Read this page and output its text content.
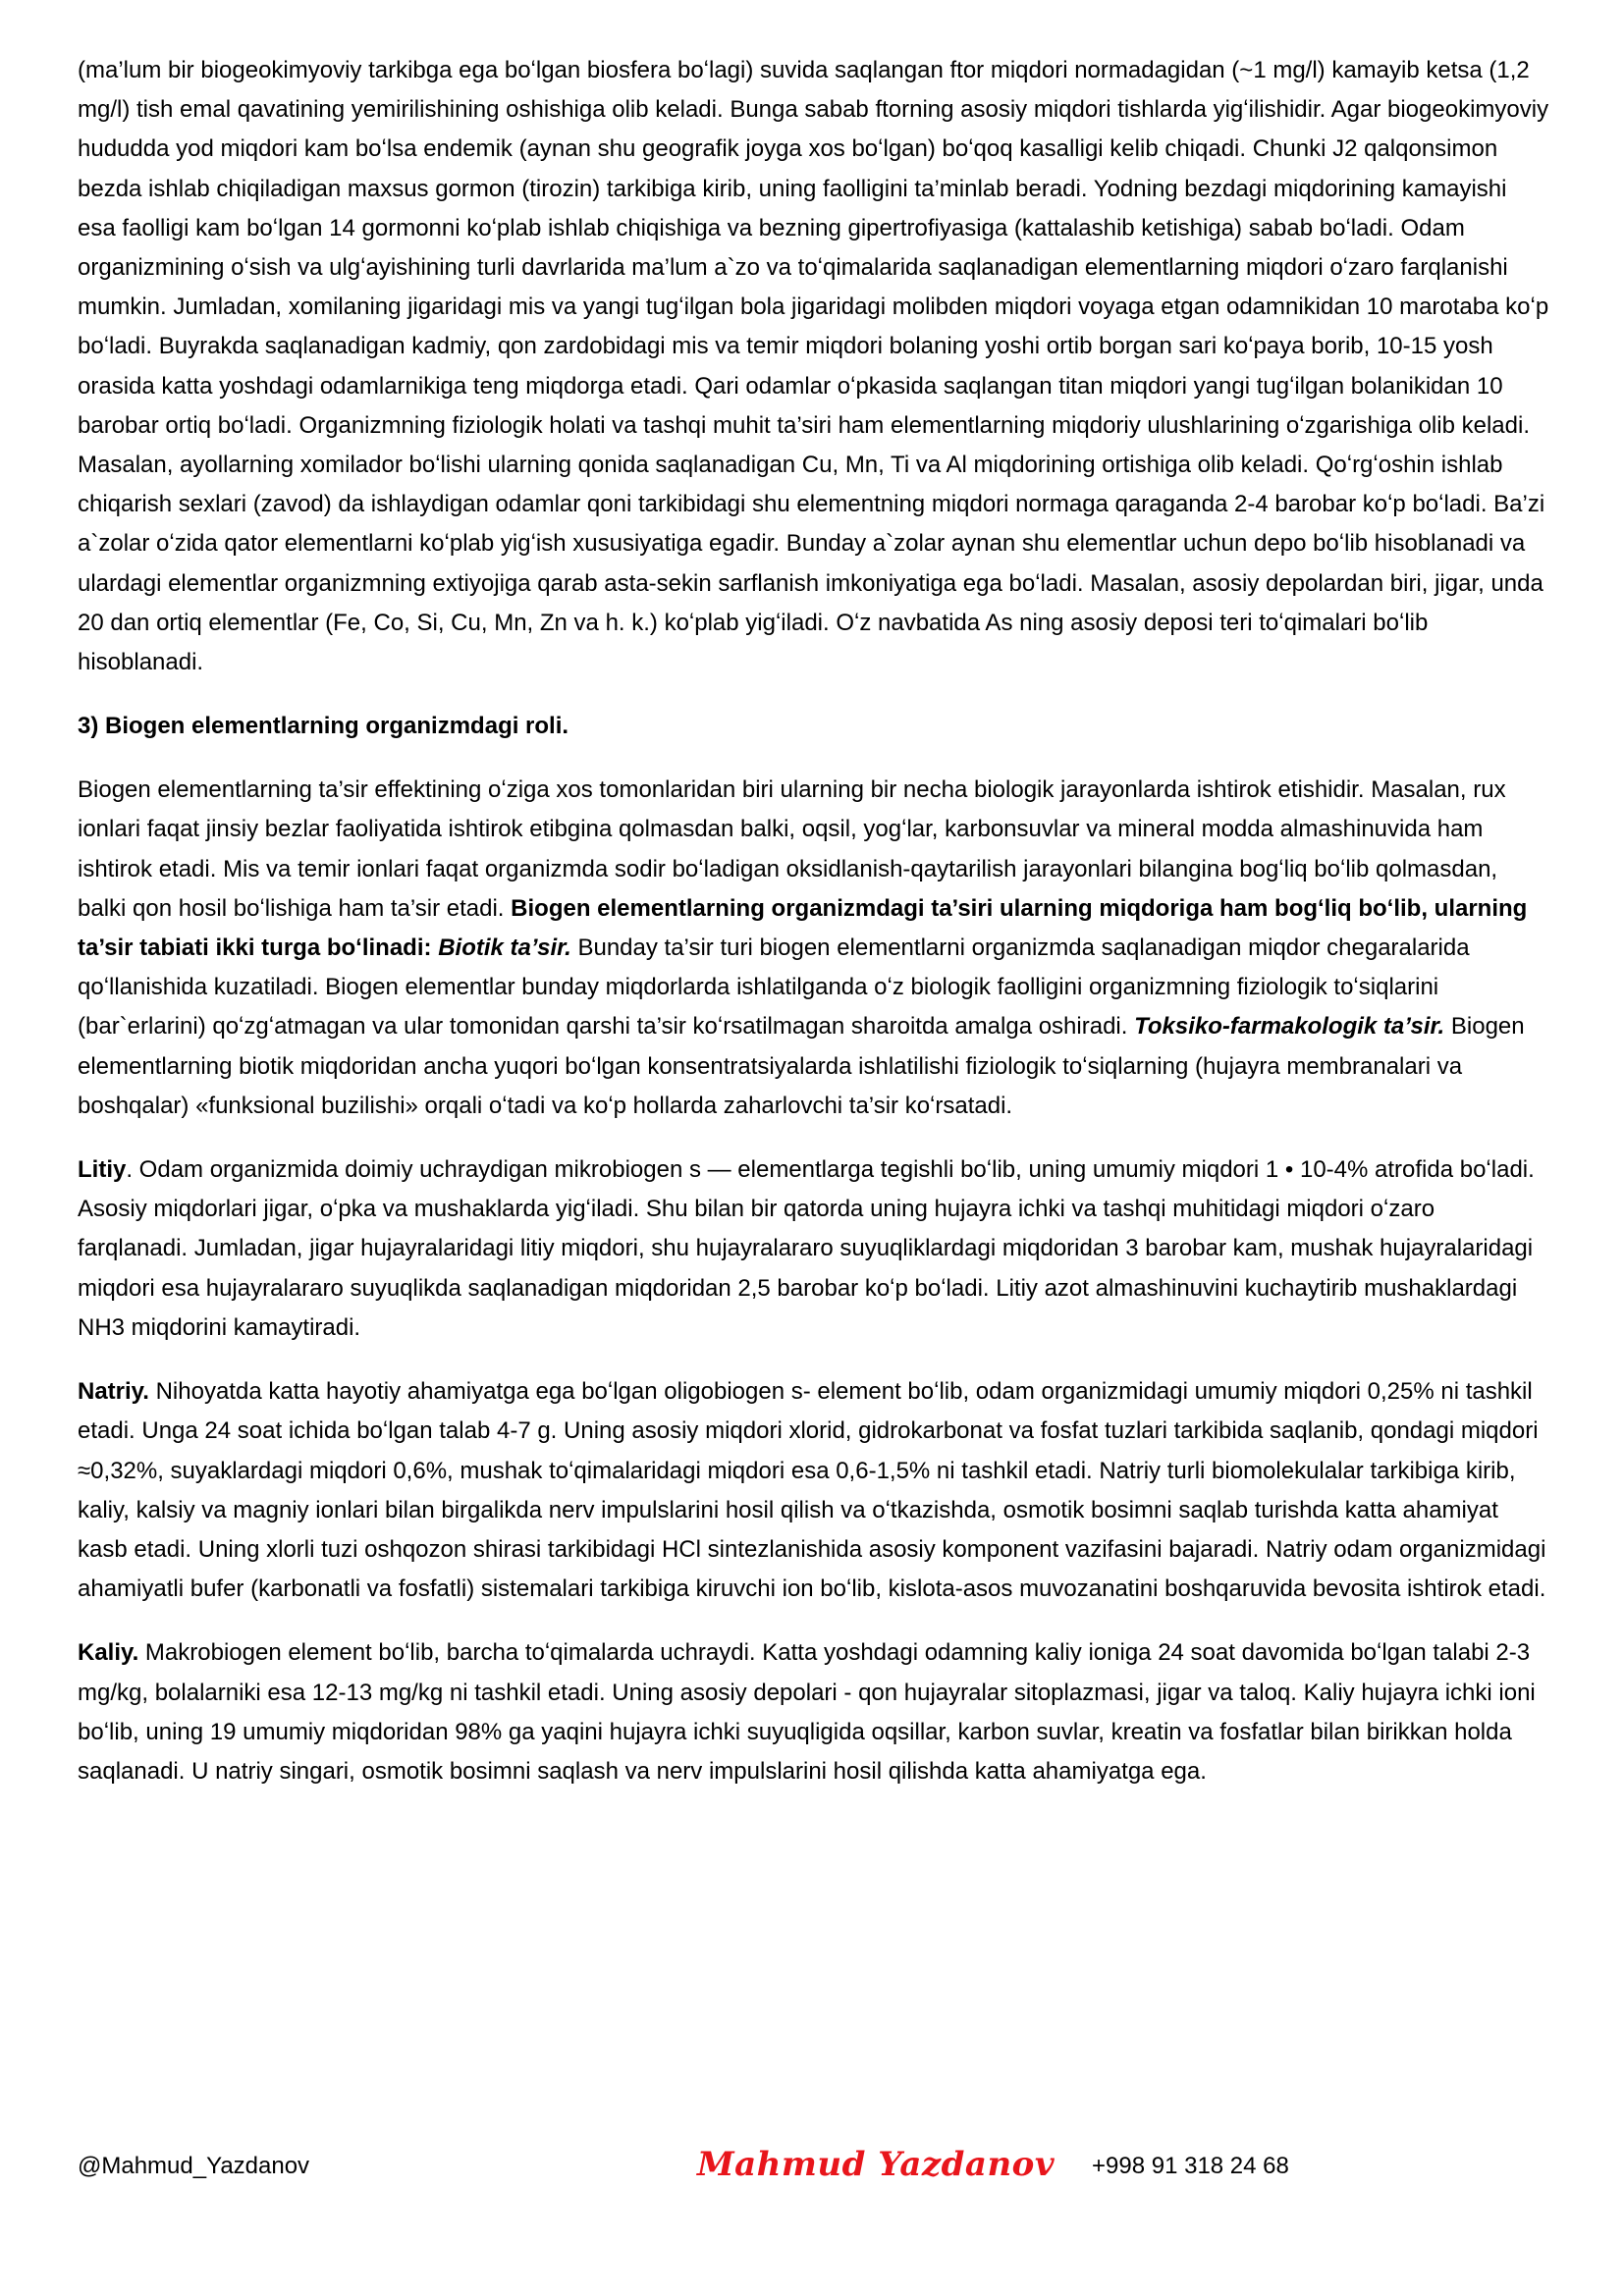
(ma’lum bir biogeokimyoviy tarkibga ega boʻlgan biosfera boʻlagi) suvida saqlangan ftor miqdori normadagidan (~1 mg/l) kamayib ketsa (1,2 mg/l) tish emal qavatining yemirilishining oshishiga olib keladi. Bunga sabab ftorning asosiy miqdori tishlarda yigʻilishidir. Agar biogeokimyoviy hududda yod miqdori kam boʻlsa endemik (aynan shu geografik joyga xos boʻlgan) boʻqoq kasalligi kelib chiqadi. Chunki J2 qalqonsimon bezda ishlab chiqiladigan maxsus gormon (tirozin) tarkibiga kirib, uning faolligini ta’minlab beradi. Yodning bezdagi miqdorining kamayishi esa faolligi kam boʻlgan 14 gormonni koʻplab ishlab chiqishiga va bezning gipertrofiyasiga (kattalashib ketishiga) sabab boʻladi. Odam organizmining oʻsish va ulgʻayishining turli davrlarida ma’lum a`zo va toʻqimalarida saqlanadigan elementlarning miqdori oʻzaro farqlanishi mumkin. Jumladan, xomilaning jigaridagi mis va yangi tugʻilgan bola jigaridagi molibden miqdori voyaga etgan odamnikidan 10 marotaba koʻp boʻladi. Buyrakda saqlanadigan kadmiy, qon zardobidagi mis va temir miqdori bolaning yoshi ortib borgan sari koʻpaya borib, 10-15 yosh orasida katta yoshdagi odamlarnikiga teng miqdorga etadi. Qari odamlar oʻpkasida saqlangan titan miqdori yangi tugʻilgan bolanikidan 10 barobar ortiq boʻladi. Organizmning fiziologik holati va tashqi muhit ta’siri ham elementlarning miqdoriy ulushlarining oʻzgarishiga olib keladi. Masalan, ayollarning xomilador boʻlishi ularning qonida saqlanadigan Cu, Mn, Ti va Al miqdorining ortishiga olib keladi. Qoʻrgʻoshin ishlab chiqarish sexlari (zavod) da ishlaydigan odamlar qoni tarkibidagi shu elementning miqdori normaga qaraganda 2-4 barobar koʻp boʻladi. Ba’zi a`zolar oʻzida qator elementlarni koʻplab yigʻish xususiyatiga egadir. Bunday a`zolar aynan shu elementlar uchun depo boʻlib hisoblanadi va ulardagi elementlar organizmning extiyojiga qarab asta-sekin sarflanish imkoniyatiga ega boʻladi. Masalan, asosiy depolardan biri, jigar, unda 20 dan ortiq elementlar (Fe, Co, Si, Cu, Mn, Zn va h. k.) koʻplab yigʻiladi. Oʻz navbatida As ning asosiy deposi teri toʻqimalari boʻlib hisoblanadi.

3) Biogen elementlarning organizmdagi roli.

Biogen elementlarning ta’sir effektining oʻziga xos tomonlaridan biri ularning bir necha biologik jarayonlarda ishtirok etishidir. Masalan, rux ionlari faqat jinsiy bezlar faoliyatida ishtirok etibgina qolmasdan balki, oqsil, yogʻlar, karbonsuvlar va mineral modda almashinuvida ham ishtirok etadi. Mis va temir ionlari faqat organizmda sodir boʻladigan oksidlanish-qaytarilish jarayonlari bilangina bogʻliq boʻlib qolmasdan, balki qon hosil boʻlishiga ham ta’sir etadi. Biogen elementlarning organizmdagi ta’siri ularning miqdoriga ham bogʻliq boʻlib, ularning ta’sir tabiati ikki turga boʻlinadi: Biotik ta’sir. Bunday ta’sir turi biogen elementlarni organizmda saqlanadigan miqdor chegaralarida qoʻllanishida kuzatiladi. Biogen elementlar bunday miqdorlarda ishlatilganda oʻz biologik faolligini organizmning fiziologik toʻsiqlarini (bar`erlarini) qoʻzgʻatmagan va ular tomonidan qarshi ta’sir koʻrsatilmagan sharoitda amalga oshiradi. Toksiko-farmakologik ta’sir. Biogen elementlarning biotik miqdoridan ancha yuqori boʻlgan konsentratsiyalarda ishlatilishi fiziologik toʻsiqlarning (hujayra membranalari va boshqalar) «funksional buzilishi» orqali oʻtadi va koʻp hollarda zaharlovchi ta’sir koʻrsatadi.

Litiy. Odam organizmida doimiy uchraydigan mikrobiogen s — elementlarga tegishli boʻlib, uning umumiy miqdori 1 • 10-4% atrofida boʻladi. Asosiy miqdorlari jigar, oʻpka va mushaklarda yigʻiladi. Shu bilan bir qatorda uning hujayra ichki va tashqi muhitidagi miqdori oʻzaro farqlanadi. Jumladan, jigar hujayralaridagi litiy miqdori, shu hujayralararo suyuqliklardagi miqdoridan 3 barobar kam, mushak hujayralaridagi miqdori esa hujayralararo suyuqlikda saqlanadigan miqdoridan 2,5 barobar koʻp boʻladi. Litiy azot almashinuvini kuchaytirib mushaklardagi NH3 miqdorini kamaytiradi.

Natriy. Nihoyatda katta hayotiy ahamiyatga ega boʻlgan oligobiogen s- element boʻlib, odam organizmidagi umumiy miqdori 0,25% ni tashkil etadi. Unga 24 soat ichida boʻlgan talab 4-7 g. Uning asosiy miqdori xlorid, gidrokarbonat va fosfat tuzlari tarkibida saqlanib, qondagi miqdori ≈0,32%, suyaklardagi miqdori 0,6%, mushak toʻqimalaridagi miqdori esa 0,6-1,5% ni tashkil etadi. Natriy turli biomolekulalar tarkibiga kirib, kaliy, kalsiy va magniy ionlari bilan birgalikda nerv impulslarini hosil qilish va oʻtkazishda, osmotik bosimni saqlab turishda katta ahamiyat kasb etadi. Uning xlorli tuzi oshqozon shirasi tarkibidagi HCl sintezlanishida asosiy komponent vazifasini bajaradi. Natriy odam organizmidagi ahamiyatli bufer (karbonatli va fosfatli) sistemalari tarkibiga kiruvchi ion boʻlib, kislota-asos muvozanatini boshqaruvida bevosita ishtirok etadi.

Kaliy. Makrobiogen element boʻlib, barcha toʻqimalarda uchraydi. Katta yoshdagi odamning kaliy ioniga 24 soat davomida boʻlgan talabi 2-3 mg/kg, bolalarniki esa 12-13 mg/kg ni tashkil etadi. Uning asosiy depolari - qon hujayralar sitoplazmasi, jigar va taloq. Kaliy hujayra ichki ioni boʻlib, uning 19 umumiy miqdoridan 98% ga yaqini hujayra ichki suyuqligida oqsillar, karbon suvlar, kreatin va fosfatlar bilan birikkan holda saqlanadi. U natriy singari, osmotik bosimni saqlash va nerv impulslarini hosil qilishda katta ahamiyatga ega.

@Mahmud_Yazdanov	Mahmud Yazdanov +998 91 318 24 68
